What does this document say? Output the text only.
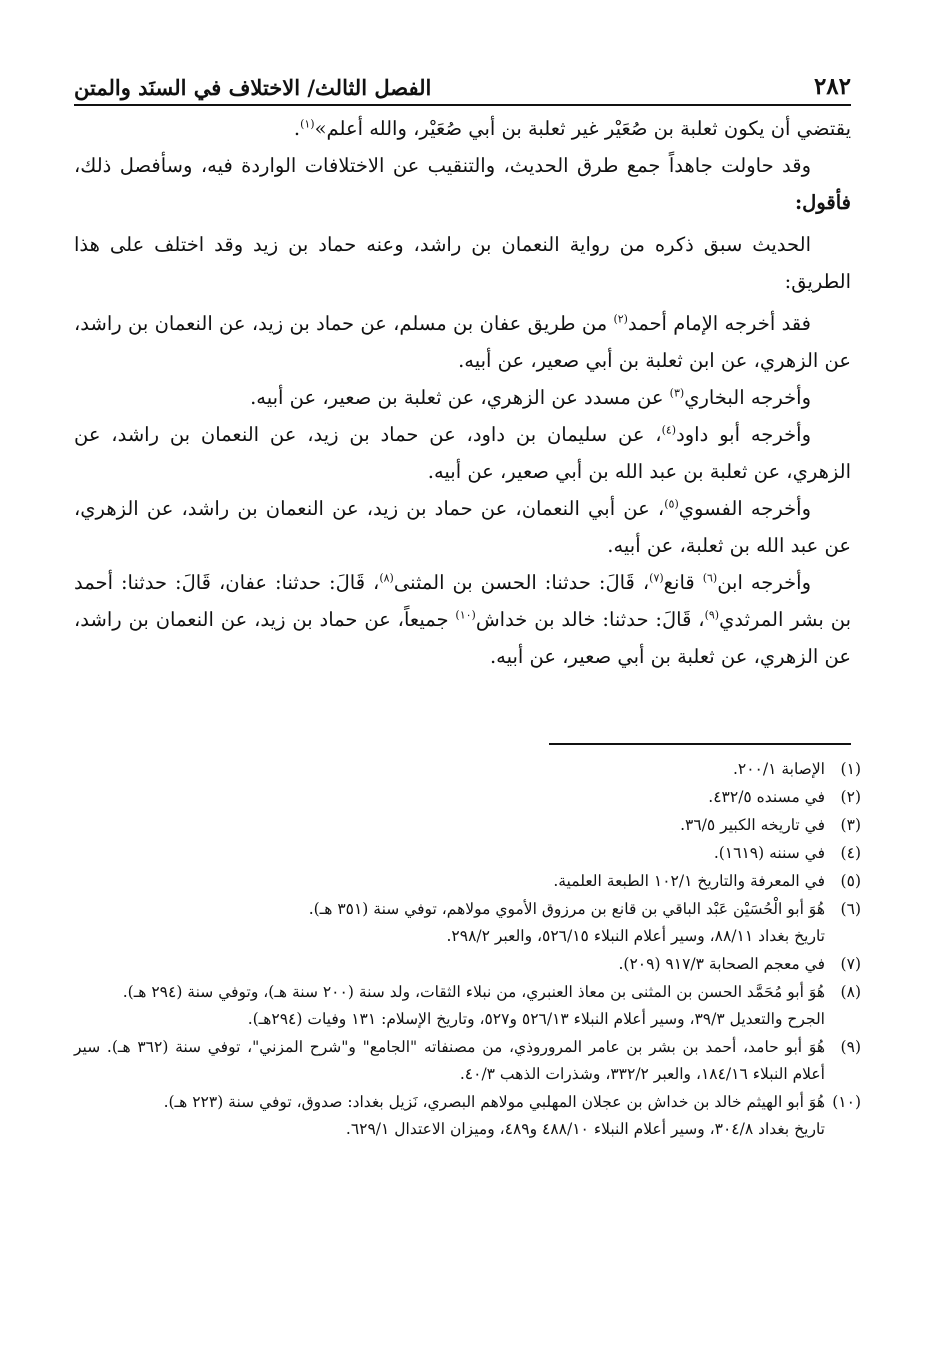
٢٨٢
الفصل الثالث/ الاختلاف في السنَد والمتن

يقتضي أن يكون ثعلبة بن صُعَيْر غير ثعلبة بن أبي صُعَيْر، والله أعلم»$^{(١)}$.

وقد حاولت جاهداً جمع طرق الحديث، والتنقيب عن الاختلافات الواردة فيه، وسأفصل ذلك، فأقول:

الحديث سبق ذكره من رواية النعمان بن راشد، وعنه حماد بن زيد وقد اختلف على هذا الطريق:

فقد أخرجه الإمام أحمد$^{(٢)}$ من طريق عفان بن مسلم، عن حماد بن زيد، عن النعمان بن راشد، عن الزهري، عن ابن ثعلبة بن أبي صعير، عن أبيه.

وأخرجه البخاري$^{(٣)}$ عن مسدد عن الزهري، عن ثعلبة بن صعير، عن أبيه.

وأخرجه أبو داود$^{(٤)}$، عن سليمان بن داود، عن حماد بن زيد، عن النعمان بن راشد، عن الزهري، عن ثعلبة بن عبد الله بن أبي صعير، عن أبيه.

وأخرجه الفسوي$^{(٥)}$، عن أبي النعمان، عن حماد بن زيد، عن النعمان بن راشد، عن الزهري، عن عبد الله بن ثعلبة، عن أبيه.

وأخرجه ابن$^{(٦)}$ قانع$^{(٧)}$، قَالَ: حدثنا: الحسن بن المثنى$^{(٨)}$، قَالَ: حدثنا: عفان، قَالَ: حدثنا: أحمد بن بشر المرثدي$^{(٩)}$، قَالَ: حدثنا: خالد بن خداش$^{(١٠)}$ جميعاً، عن حماد بن زيد، عن النعمان بن راشد، عن الزهري، عن ثعلبة بن أبي صعير، عن أبيه.

(١)
الإصابة ٢٠٠/١.
(٢)
في مسنده ٤٣٢/٥.
(٣)
في تاريخه الكبير ٣٦/٥.
(٤)
في سننه (١٦١٩).
(٥)
في المعرفة والتاريخ ١٠٢/١ الطبعة العلمية.
(٦)
هُوَ أبو الْحُسَيْن عَبْد الباقي بن قانع بن مرزوق الأموي مولاهم، توفي سنة (٣٥١ هـ).
تاريخ بغداد ٨٨/١١، وسير أعلام النبلاء ٥٢٦/١٥، والعبر ٢٩٨/٢.
(٧)
في معجم الصحابة ٩١٧/٣ (٢٠٩).
(٨)
هُوَ أبو مُحَمَّد الحسن بن المثنى بن معاذ العنبري، من نبلاء الثقات، ولد سنة (٢٠٠ سنة هـ)، وتوفي سنة (٢٩٤ هـ).
الجرح والتعديل ٣٩/٣، وسير أعلام النبلاء ٥٢٦/١٣ و٥٢٧، وتاريخ الإسلام: ١٣١ وفيات (٢٩٤هـ).
(٩)
هُوَ أبو حامد، أحمد بن بشر بن عامر المروروذي، من مصنفاته "الجامع" و"شرح المزني"، توفي سنة (٣٦٢ هـ). سير أعلام النبلاء ١٨٤/١٦، والعبر ٣٣٢/٢، وشذرات الذهب ٤٠/٣.
(١٠)
هُوَ أبو الهيثم خالد بن خداش بن عجلان المهلبي مولاهم البصري، نَزيل بغداد: صدوق، توفي سنة (٢٢٣ هـ).
تاريخ بغداد ٣٠٤/٨، وسير أعلام النبلاء ٤٨٨/١٠ و٤٨٩، وميزان الاعتدال ٦٢٩/١.
